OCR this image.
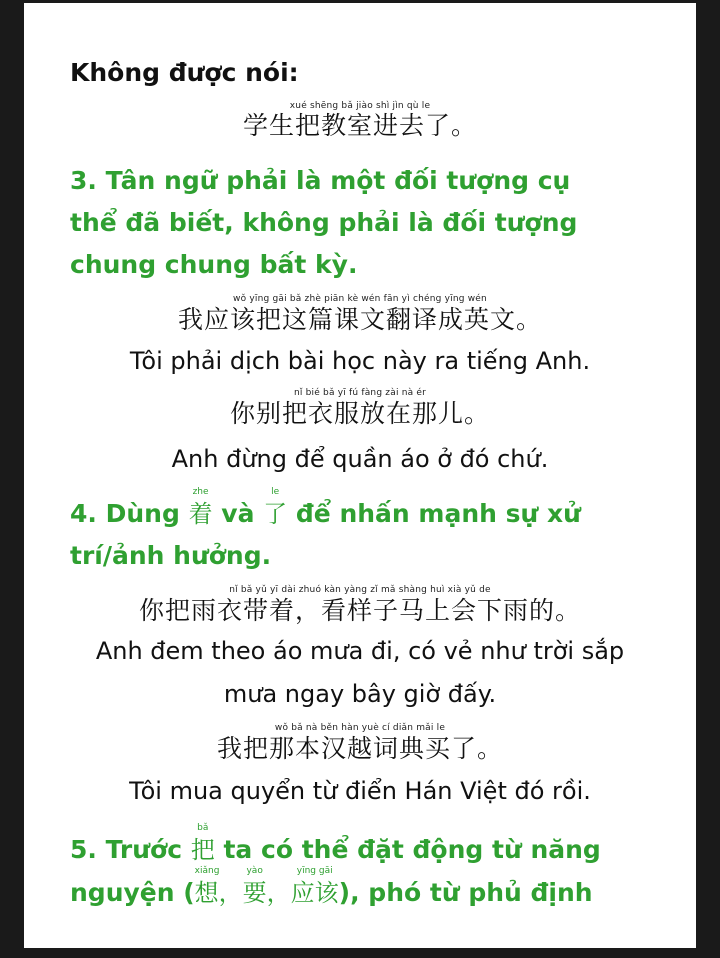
Không được nói:
xué shēng bǎ jiào shì jìn qù le
学生把教室进去了。
3. Tân ngữ phải là một đối tượng cụ
thể đã biết, không phải là đối tượng
chung chung bất kỳ.
wǒ yīng gāi bǎ zhè piān kè wén fān yì chéng yīng wén
我应该把这篇课文翻译成英文。
Tôi phải dịch bài học này ra tiếng Anh.
nǐ bié bǎ yī fú fàng zài nà ér
你别把衣服放在那儿。
Anh đừng để quần áo ở đó chứ.
4. Dùng
zhe
着 và
le
了 để nhấn mạnh sự xử
trí/ảnh hưởng.
nǐ bǎ yǔ yī dài zhuó kàn yàng zǐ mǎ shàng huì xià yǔ de
你把雨衣带着，看样子马上会下雨的。
Anh đem theo áo mưa đi, có vẻ như trời sắp
mưa ngay bây giờ đấy.
wǒ bǎ nà běn hàn yuè cí diǎn mǎi le
我把那本汉越词典买了。
Tôi mua quyển từ điển Hán Việt đó rồi.
5. Trước
bǎ
把 ta có thể đặt động từ năng
nguyện (
xiǎng
想，
yào
要，
yīng gāi
应该), phó từ phủ định
